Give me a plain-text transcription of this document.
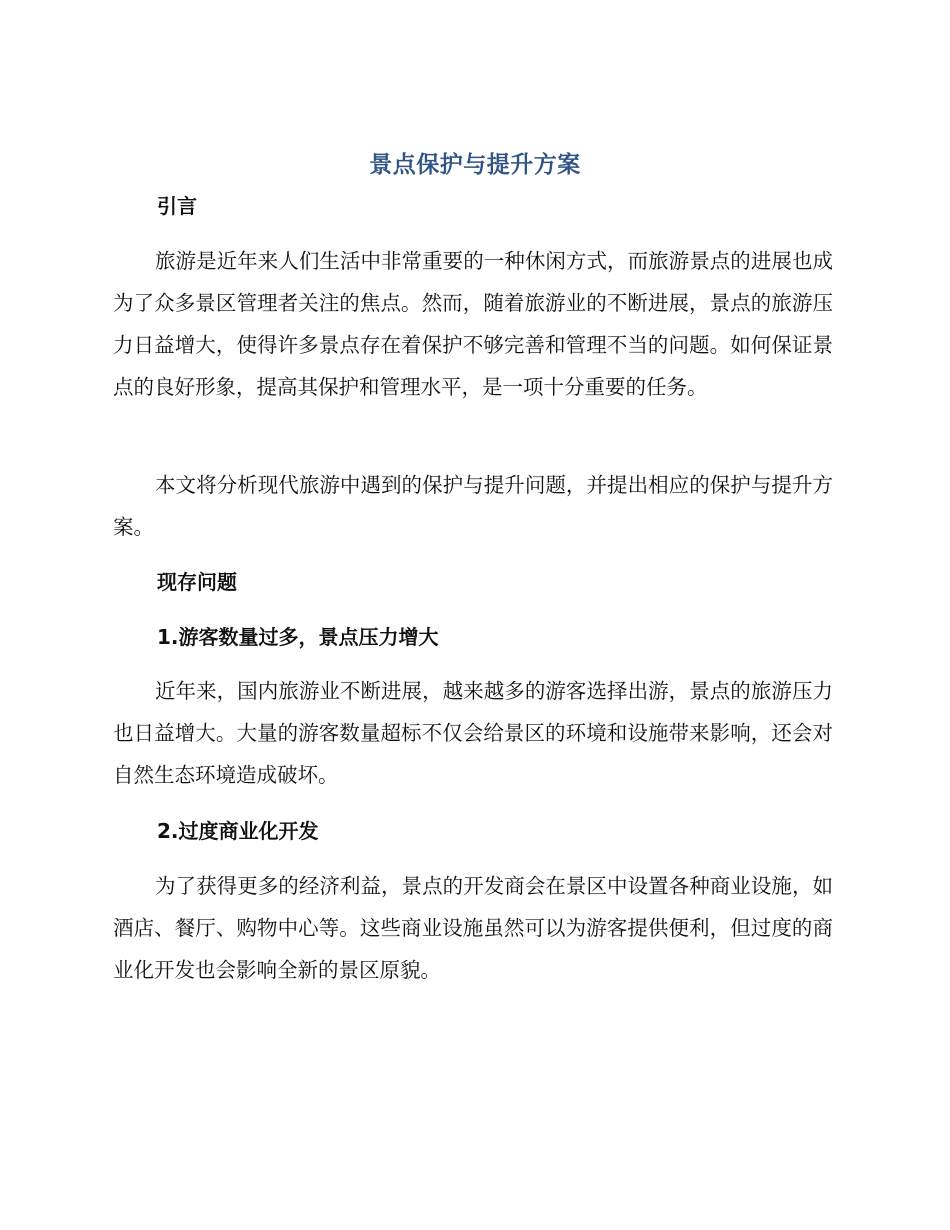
景点保护与提升方案
引言
旅游是近年来人们生活中非常重要的一种休闲方式，而旅游景点的进展也成为了众多景区管理者关注的焦点。然而，随着旅游业的不断进展，景点的旅游压力日益增大，使得许多景点存在着保护不够完善和管理不当的问题。如何保证景点的良好形象，提高其保护和管理水平，是一项十分重要的任务。
本文将分析现代旅游中遇到的保护与提升问题，并提出相应的保护与提升方案。
现存问题
1.游客数量过多，景点压力增大
近年来，国内旅游业不断进展，越来越多的游客选择出游，景点的旅游压力也日益增大。大量的游客数量超标不仅会给景区的环境和设施带来影响，还会对自然生态环境造成破坏。
2.过度商业化开发
为了获得更多的经济利益，景点的开发商会在景区中设置各种商业设施，如酒店、餐厅、购物中心等。这些商业设施虽然可以为游客提供便利，但过度的商业化开发也会影响全新的景区原貌。
